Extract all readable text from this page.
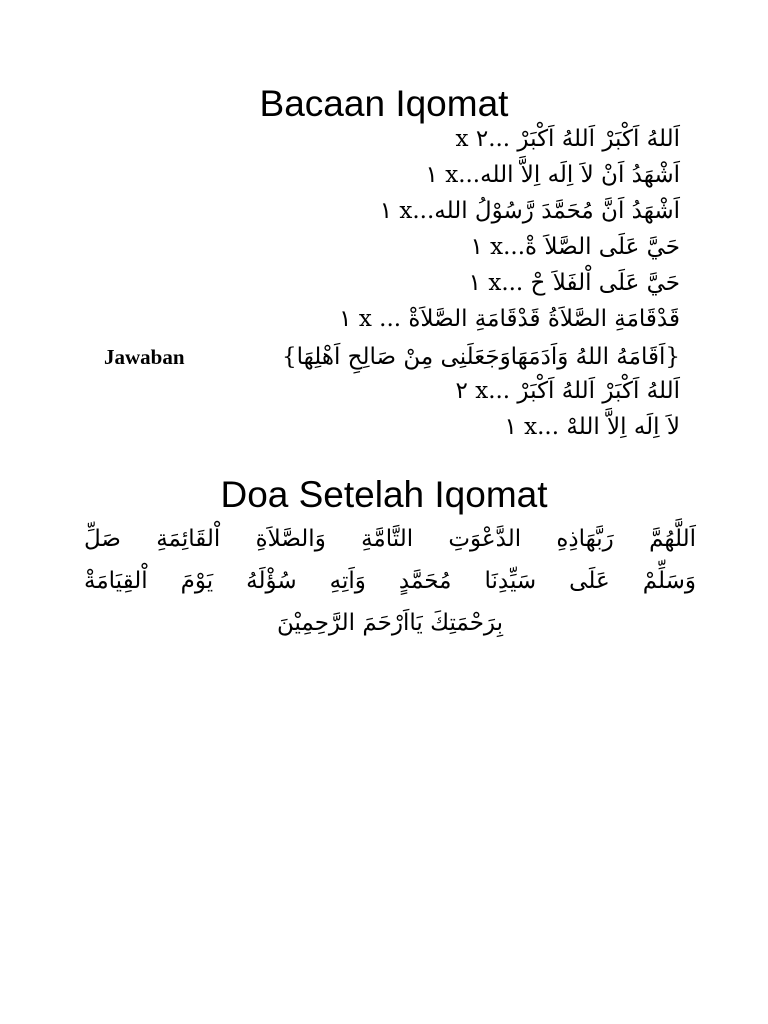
Bacaan Iqomat
اَللهُ اَكْبَرْ اَللهُ اَكْبَرْ ...٢ x
اَشْهَدُ اَنْ لاَ اِلَه اِلاَّ الله...x ١
اَشْهَدُ اَنَّ مُحَمَّدَ رَّسُوْلُ الله...x ١
حَيَّ عَلَى الصَّلاَ ةْ...x ١
حَيَّ عَلَى اْلفَلاَ حْ ...x ١
قَدْقَامَةِ الصَّلاَةُ قَدْقَامَةِ الصَّلاَةْ ... x ١
Jawaban	{اَقَامَهُ اللهُ وَاَدَمَهَاوَجَعَلَنِى مِنْ صَالِحِ اَهْلِهَا}
اَللهُ اَكْبَرْ اَللهُ اَكْبَرْ ...x ٢
لاَ اِلَه اِلاَّ اللهْ ...x ١
Doa Setelah Iqomat
اَللَّهُمَّ رَبَّهَاذِهِ الدَّعْوَتِ التَّامَّةِ وَالصَّلاَةِ اْلقَائِمَةِ صَلِّ
وَسَلِّمْ عَلَى سَيِّدِنَا مُحَمَّدٍ وَاَتِهِ سُؤْلَهُ يَوْمَ اْلقِيَامَةْ
بِرَحْمَتِكَ يَااَرْحَمَ الرَّحِمِيْنَ
